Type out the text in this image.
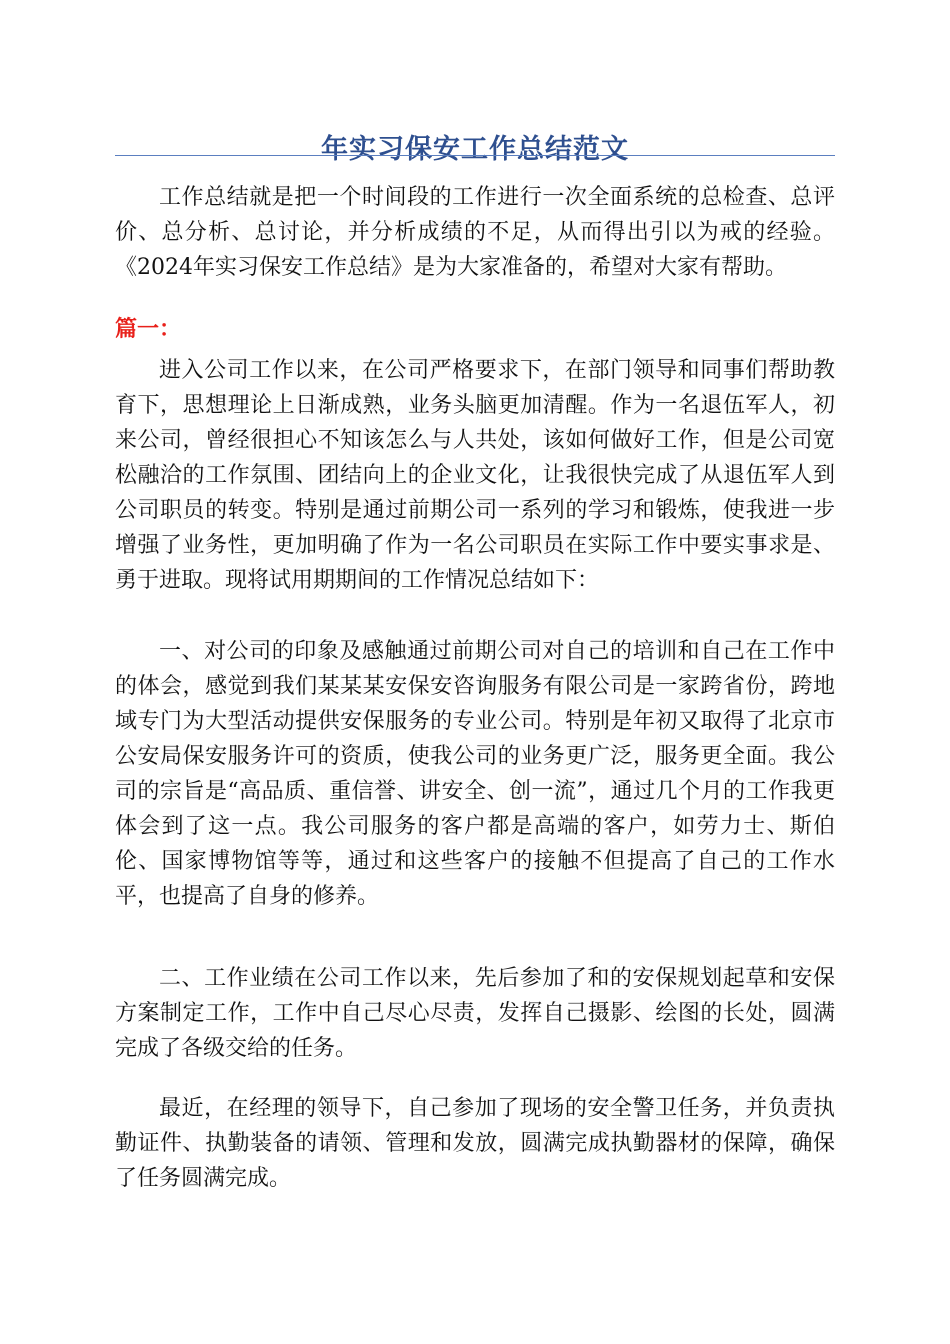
年实习保安工作总结范文

工作总结就是把一个时间段的工作进行一次全面系统的总检查、总评价、总分析、总讨论，并分析成绩的不足，从而得出引以为戒的经验。《2024年实习保安工作总结》是为大家准备的，希望对大家有帮助。

篇一：

进入公司工作以来，在公司严格要求下，在部门领导和同事们帮助教育下，思想理论上日渐成熟，业务头脑更加清醒。作为一名退伍军人，初来公司，曾经很担心不知该怎么与人共处，该如何做好工作，但是公司宽松融洽的工作氛围、团结向上的企业文化，让我很快完成了从退伍军人到公司职员的转变。特别是通过前期公司一系列的学习和锻炼，使我进一步增强了业务性，更加明确了作为一名公司职员在实际工作中要实事求是、勇于进取。现将试用期期间的工作情况总结如下：

一、对公司的印象及感触通过前期公司对自己的培训和自己在工作中的体会，感觉到我们某某某安保安咨询服务有限公司是一家跨省份，跨地域专门为大型活动提供安保服务的专业公司。特别是年初又取得了北京市公安局保安服务许可的资质，使我公司的业务更广泛，服务更全面。我公司的宗旨是“高品质、重信誉、讲安全、创一流”，通过几个月的工作我更体会到了这一点。我公司服务的客户都是高端的客户，如劳力士、斯伯伦、国家博物馆等等，通过和这些客户的接触不但提高了自己的工作水平，也提高了自身的修养。

二、工作业绩在公司工作以来，先后参加了和的安保规划起草和安保方案制定工作，工作中自己尽心尽责，发挥自己摄影、绘图的长处，圆满完成了各级交给的任务。

最近，在经理的领导下，自己参加了现场的安全警卫任务，并负责执勤证件、执勤装备的请领、管理和发放，圆满完成执勤器材的保障，确保了任务圆满完成。
